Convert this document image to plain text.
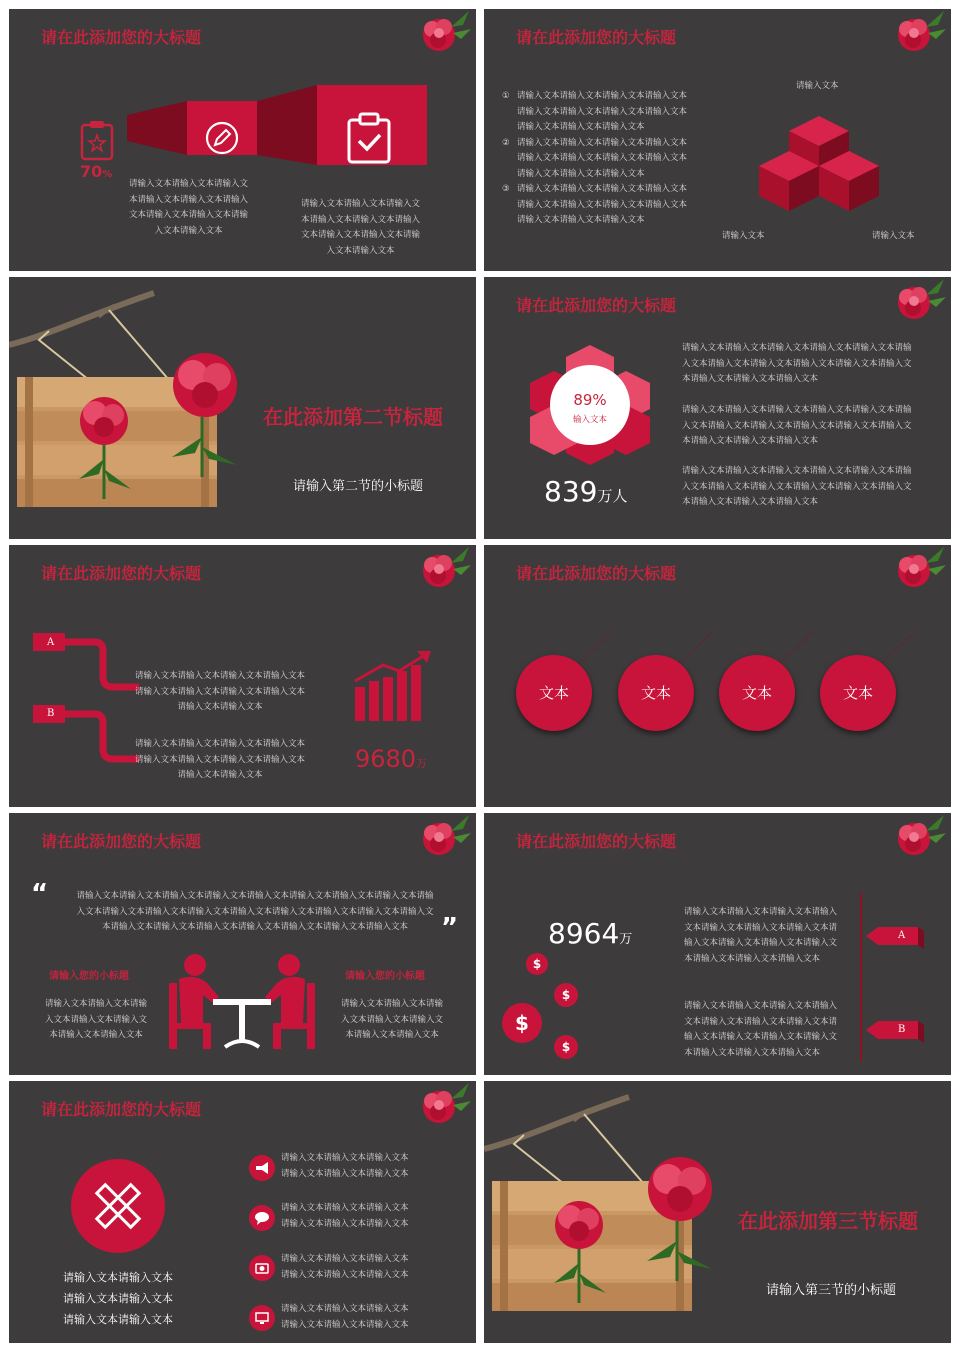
请在此添加您的大标题
70%
请输入文本请输入文本请输入文
本请输入文本请输入文本请输入
文本请输入文本请输入文本请输
入文本请输入文本
请输入文本请输入文本请输入文
本请输入文本请输入文本请输入
文本请输入文本请输入文本请输
入文本请输入文本
请在此添加您的大标题
① 请输入文本请输入文本请输入文本请输入文本
请输入文本请输入文本请输入文本请输入文本
请输入文本请输入文本请输入文本
② 请输入文本请输入文本请输入文本请输入文本
请输入文本请输入文本请输入文本请输入文本
请输入文本请输入文本请输入文本
③ 请输入文本请输入文本请输入文本请输入文本
请输入文本请输入文本请输入文本请输入文本
请输入文本请输入文本请输入文本
请输入文本
请输入文本	请输入文本
在此添加第二节标题
请输入第二节的小标题
请在此添加您的大标题
89%
输入文本
839万人
请输入文本请输入文本请输入文本请输入文本请输入文本请输
入文本请输入文本请输入文本请输入文本请输入文本请输入文
本请输入文本请输入文本请输入文本
请输入文本请输入文本请输入文本请输入文本请输入文本请输
入文本请输入文本请输入文本请输入文本请输入文本请输入文
本请输入文本请输入文本请输入文本
请输入文本请输入文本请输入文本请输入文本请输入文本请输
入文本请输入文本请输入文本请输入文本请输入文本请输入文
本请输入文本请输入文本请输入文本
请在此添加您的大标题
A
B
请输入文本请输入文本请输入文本请输入文本
请输入文本请输入文本请输入文本请输入文本
请输入文本请输入文本
请输入文本请输入文本请输入文本请输入文本
请输入文本请输入文本请输入文本请输入文本
请输入文本请输入文本
9680万
请在此添加您的大标题
文本	文本	文本	文本
请在此添加您的大标题
“	请输入文本请输入文本请输入文本请输入文本请输入文本请输入文本请输入文本请输入文本请输
入文本请输入文本请输入文本请输入文本请输入文本请输入文本请输入文本请输入文本请输入文
本请输入文本请输入文本请输入文本请输入文本请输入文本请输入文本请输入文本	”
请输入您的小标题	请输入您的小标题
请输入文本请输入文本请输
入文本请输入文本请输入文
本请输入文本请输入文本
请输入文本请输入文本请输
入文本请输入文本请输入文
本请输入文本请输入文本
请在此添加您的大标题
8964万
$
$
$
$
请输入文本请输入文本请输入文本请输入
文本请输入文本请输入文本请输入文本请
输入文本请输入文本请输入文本请输入文
本请输入文本请输入文本请输入文本
请输入文本请输入文本请输入文本请输入
文本请输入文本请输入文本请输入文本请
输入文本请输入文本请输入文本请输入文
本请输入文本请输入文本请输入文本
A
B
请在此添加您的大标题
请输入文本请输入文本
请输入文本请输入文本
请输入文本请输入文本
请输入文本请输入文本请输入文本
请输入文本请输入文本请输入文本
请输入文本请输入文本请输入文本
请输入文本请输入文本请输入文本
请输入文本请输入文本请输入文本
请输入文本请输入文本请输入文本
请输入文本请输入文本请输入文本
请输入文本请输入文本请输入文本
在此添加第三节标题
请输入第三节的小标题
